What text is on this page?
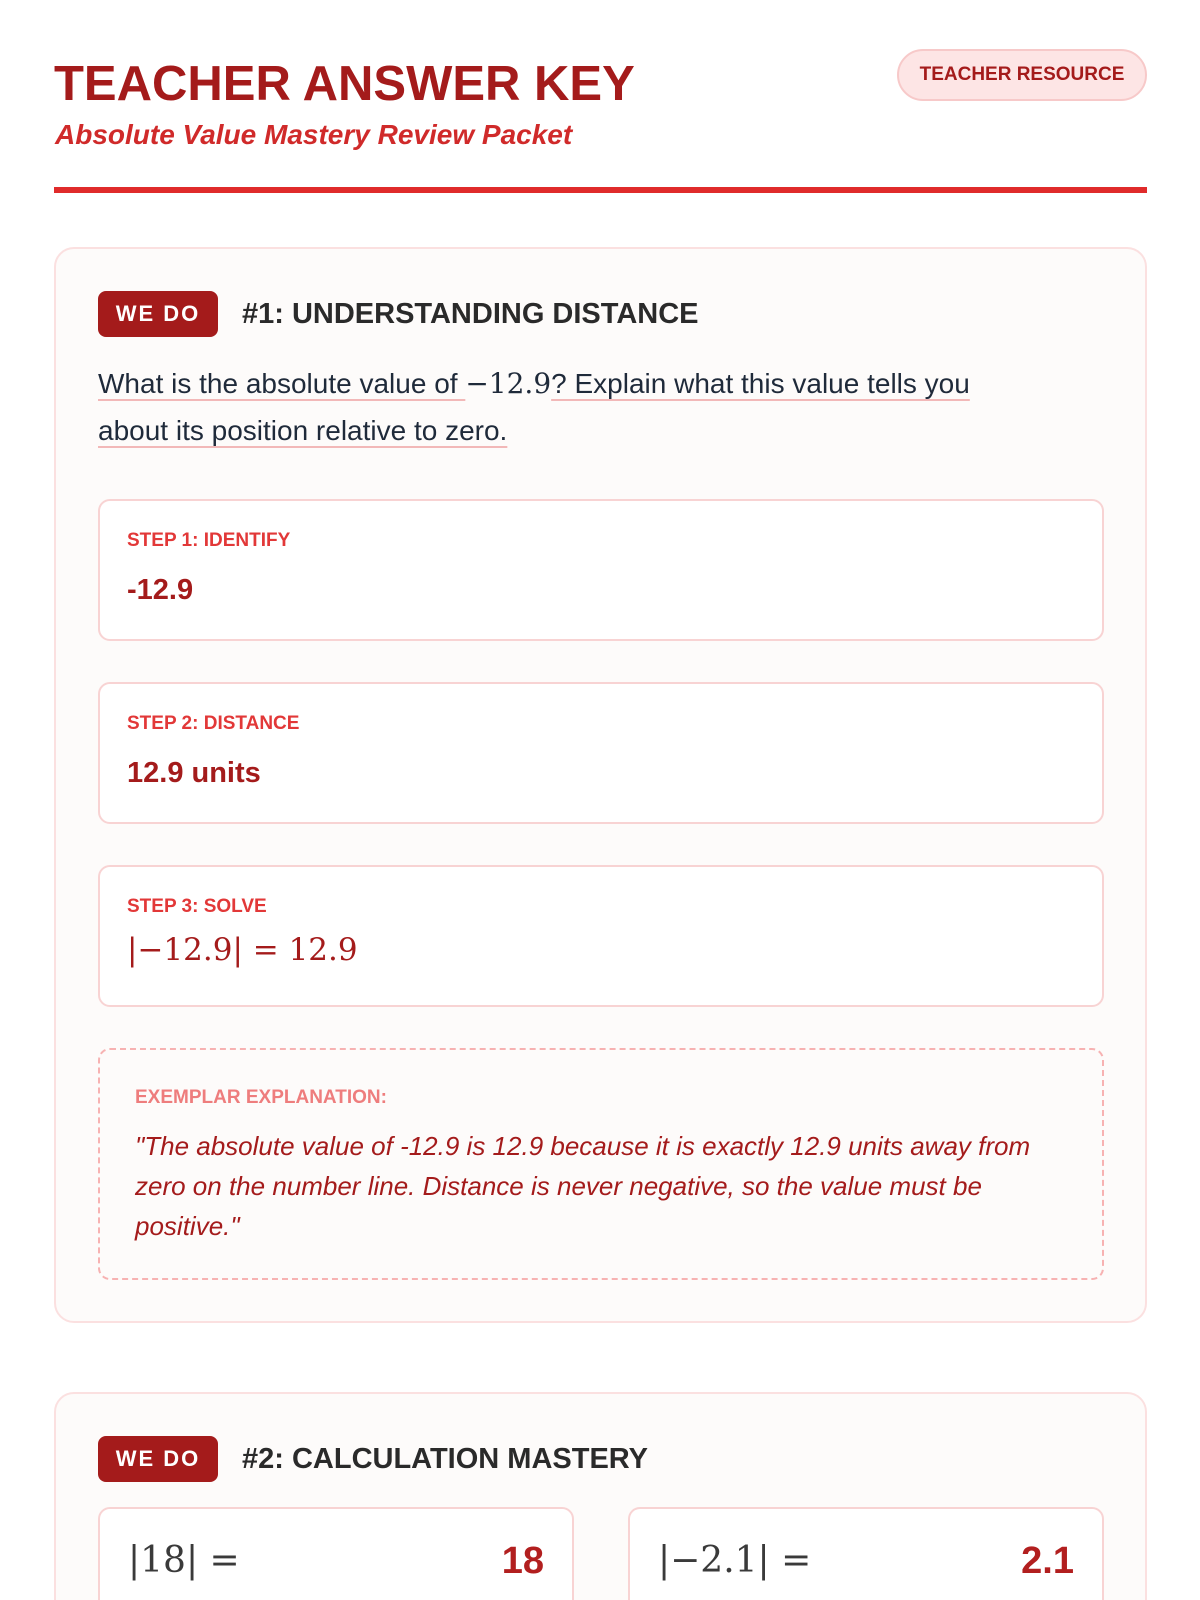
TEACHER ANSWER KEY
Absolute Value Mastery Review Packet
TEACHER RESOURCE
WE DO	#1: UNDERSTANDING DISTANCE
What is the absolute value of −12.9? Explain what this value tells you
about its position relative to zero.
STEP 1: IDENTIFY
-12.9
STEP 2: DISTANCE
12.9 units
STEP 3: SOLVE
|−12.9| = 12.9
EXEMPLAR EXPLANATION:
"The absolute value of -12.9 is 12.9 because it is exactly 12.9 units away from zero on the number line. Distance is never negative, so the value must be positive."
WE DO	#2: CALCULATION MASTERY
|18| =	18	|−2.1| =	2.1
